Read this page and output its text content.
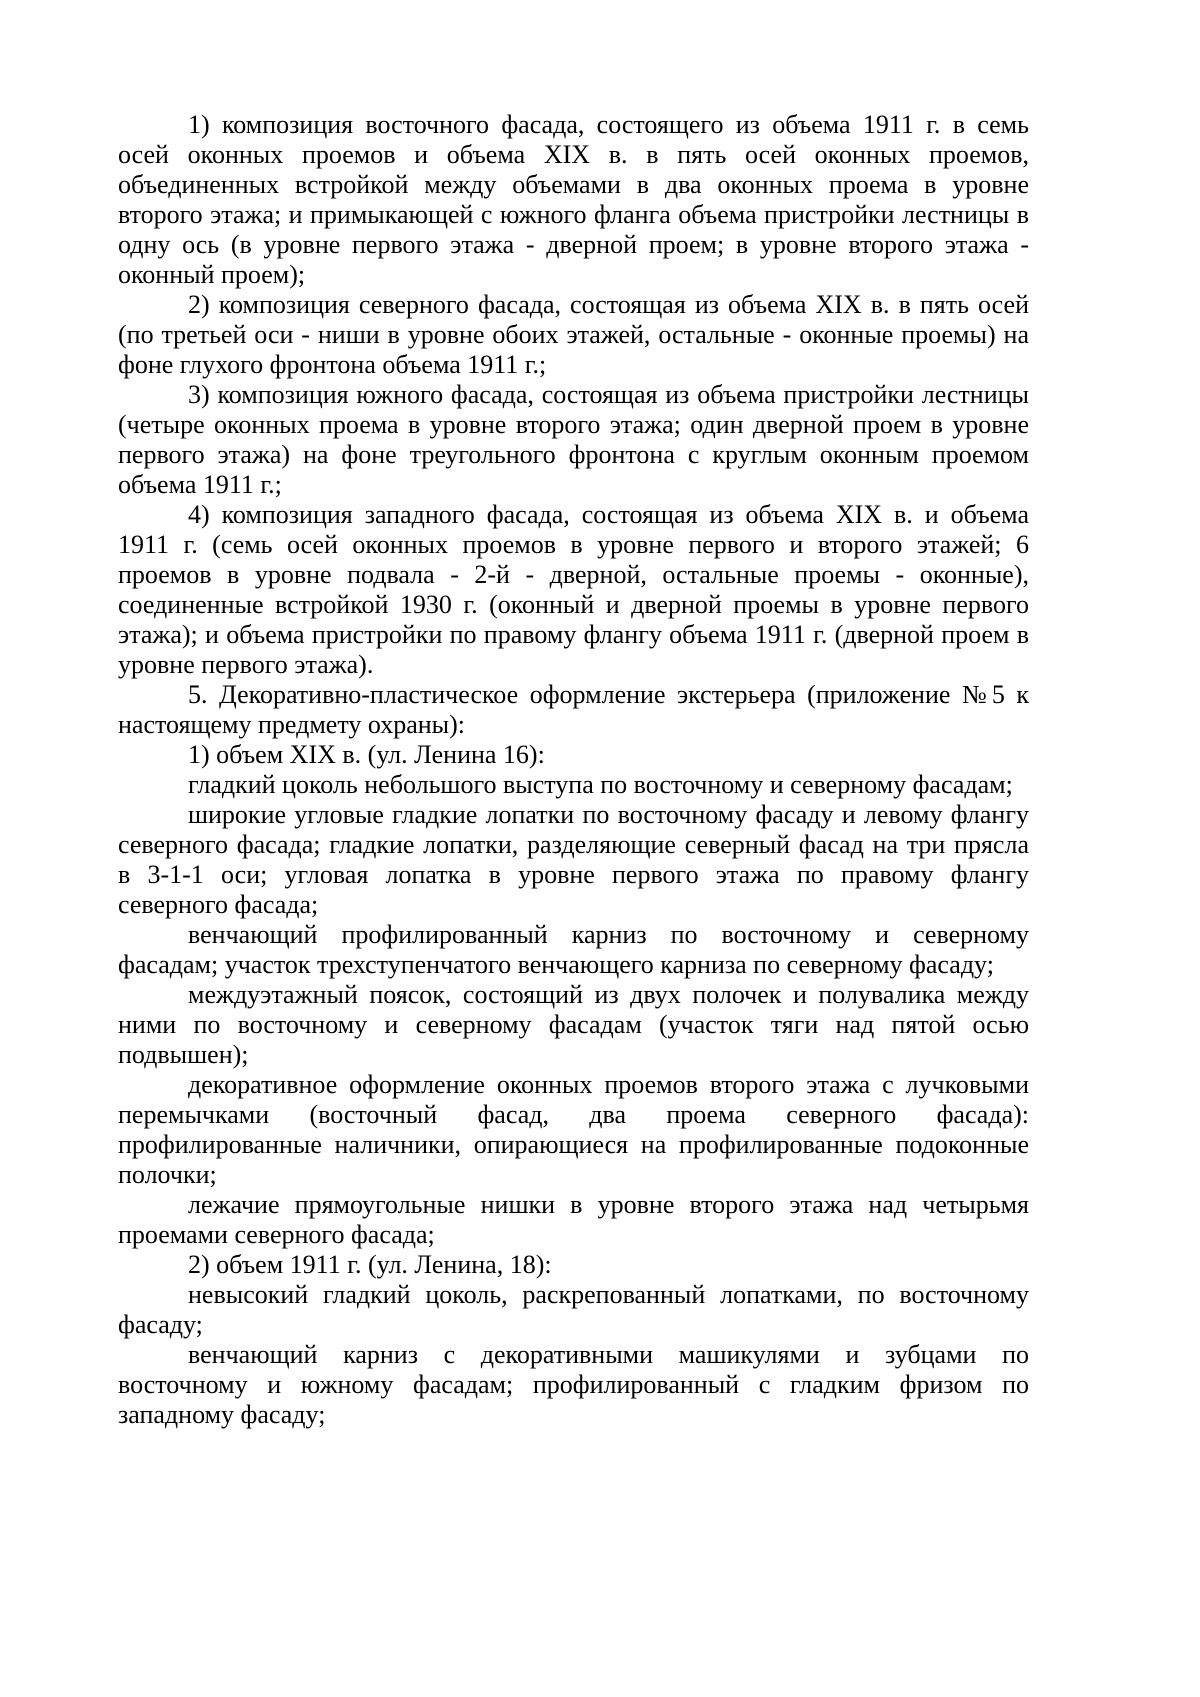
1) композиция восточного фасада, состоящего из объема 1911 г. в семь
осей оконных проемов и объема XIX в. в пять осей оконных проемов,
объединенных встройкой между объемами в два оконных проема в уровне
второго этажа; и примыкающей с южного фланга объема пристройки лестницы в
одну ось (в уровне первого этажа - дверной проем; в уровне второго этажа -
оконный проем);
2) композиция северного фасада, состоящая из объема XIX в. в пять осей
(по третьей оси - ниши в уровне обоих этажей, остальные - оконные проемы) на
фоне глухого фронтона объема 1911 г.;
3) композиция южного фасада, состоящая из объема пристройки лестницы
(четыре оконных проема в уровне второго этажа; один дверной проем в уровне
первого этажа) на фоне треугольного фронтона с круглым оконным проемом
объема 1911 г.;
4) композиция западного фасада, состоящая из объема XIX в. и объема
1911 г. (семь осей оконных проемов в уровне первого и второго этажей; 6
проемов в уровне подвала - 2-й - дверной, остальные проемы - оконные),
соединенные встройкой 1930 г. (оконный и дверной проемы в уровне первого
этажа); и объема пристройки по правому флангу объема 1911 г. (дверной проем в
уровне первого этажа).
5. Декоративно-пластическое оформление экстерьера (приложение №5 к
настоящему предмету охраны):
1) объем XIX в. (ул. Ленина 16):
гладкий цоколь небольшого выступа по восточному и северному фасадам;
широкие угловые гладкие лопатки по восточному фасаду и левому флангу
северного фасада; гладкие лопатки, разделяющие северный фасад на три прясла
в 3-1-1 оси; угловая лопатка в уровне первого этажа по правому флангу
северного фасада;
венчающий профилированный карниз по восточному и северному
фасадам; участок трехступенчатого венчающего карниза по северному фасаду;
междуэтажный поясок, состоящий из двух полочек и полувалика между
ними по восточному и северному фасадам (участок тяги над пятой осью
подвышен);
декоративное оформление оконных проемов второго этажа с лучковыми
перемычками (восточный фасад, два проема северного фасада):
профилированные наличники, опирающиеся на профилированные подоконные
полочки;
лежачие прямоугольные нишки в уровне второго этажа над четырьмя
проемами северного фасада;
2) объем 1911 г. (ул. Ленина, 18):
невысокий гладкий цоколь, раскрепованный лопатками, по восточному
фасаду;
венчающий карниз с декоративными машикулями и зубцами по
восточному и южному фасадам; профилированный с гладким фризом по
западному фасаду;
